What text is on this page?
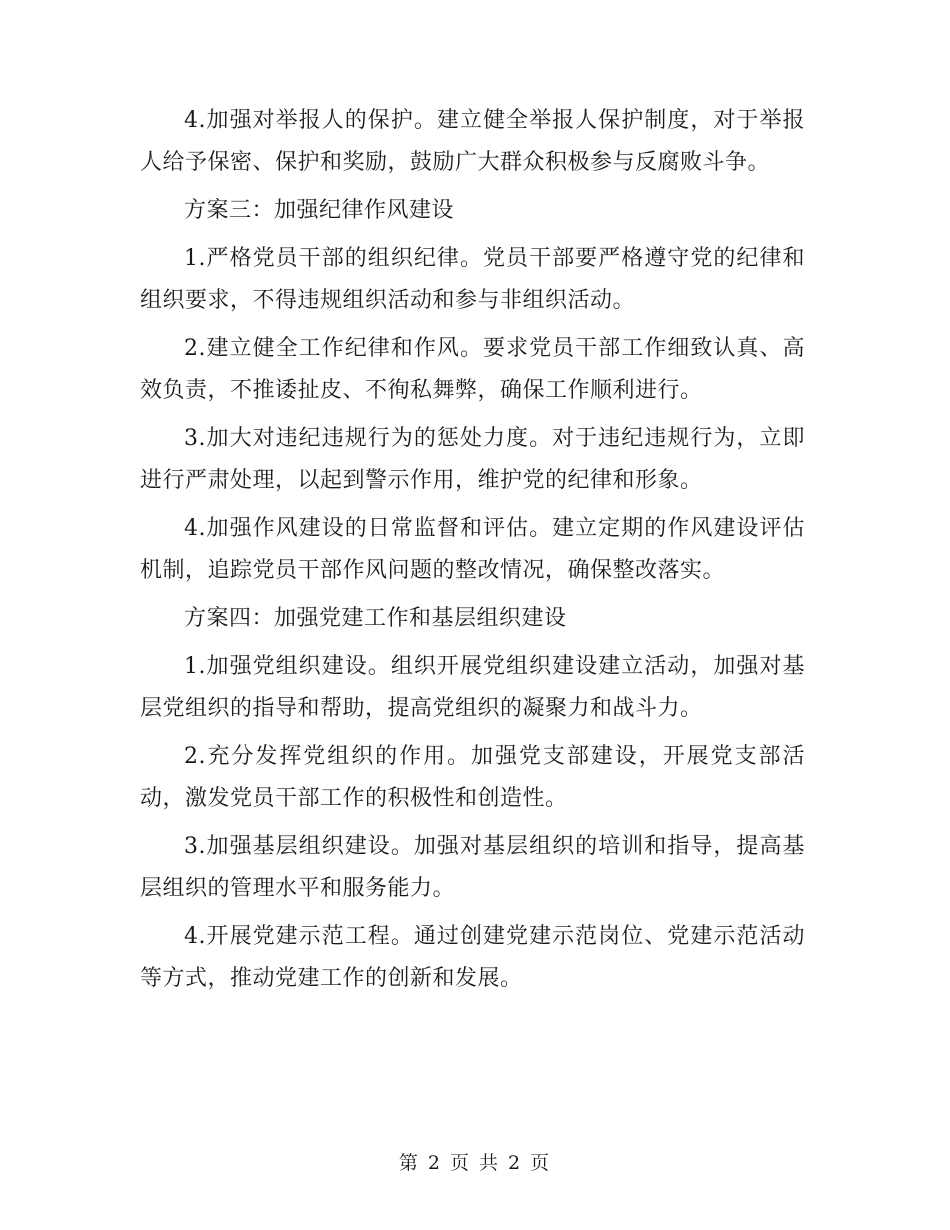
4.加强对举报人的保护。建立健全举报人保护制度，对于举报人给予保密、保护和奖励，鼓励广大群众积极参与反腐败斗争。

方案三：加强纪律作风建设

1.严格党员干部的组织纪律。党员干部要严格遵守党的纪律和组织要求，不得违规组织活动和参与非组织活动。

2.建立健全工作纪律和作风。要求党员干部工作细致认真、高效负责，不推诿扯皮、不徇私舞弊，确保工作顺利进行。

3.加大对违纪违规行为的惩处力度。对于违纪违规行为，立即进行严肃处理，以起到警示作用，维护党的纪律和形象。

4.加强作风建设的日常监督和评估。建立定期的作风建设评估机制，追踪党员干部作风问题的整改情况，确保整改落实。

方案四：加强党建工作和基层组织建设

1.加强党组织建设。组织开展党组织建设建立活动，加强对基层党组织的指导和帮助，提高党组织的凝聚力和战斗力。

2.充分发挥党组织的作用。加强党支部建设，开展党支部活动，激发党员干部工作的积极性和创造性。

3.加强基层组织建设。加强对基层组织的培训和指导，提高基层组织的管理水平和服务能力。

4.开展党建示范工程。通过创建党建示范岗位、党建示范活动等方式，推动党建工作的创新和发展。

第 2 页 共 2 页
